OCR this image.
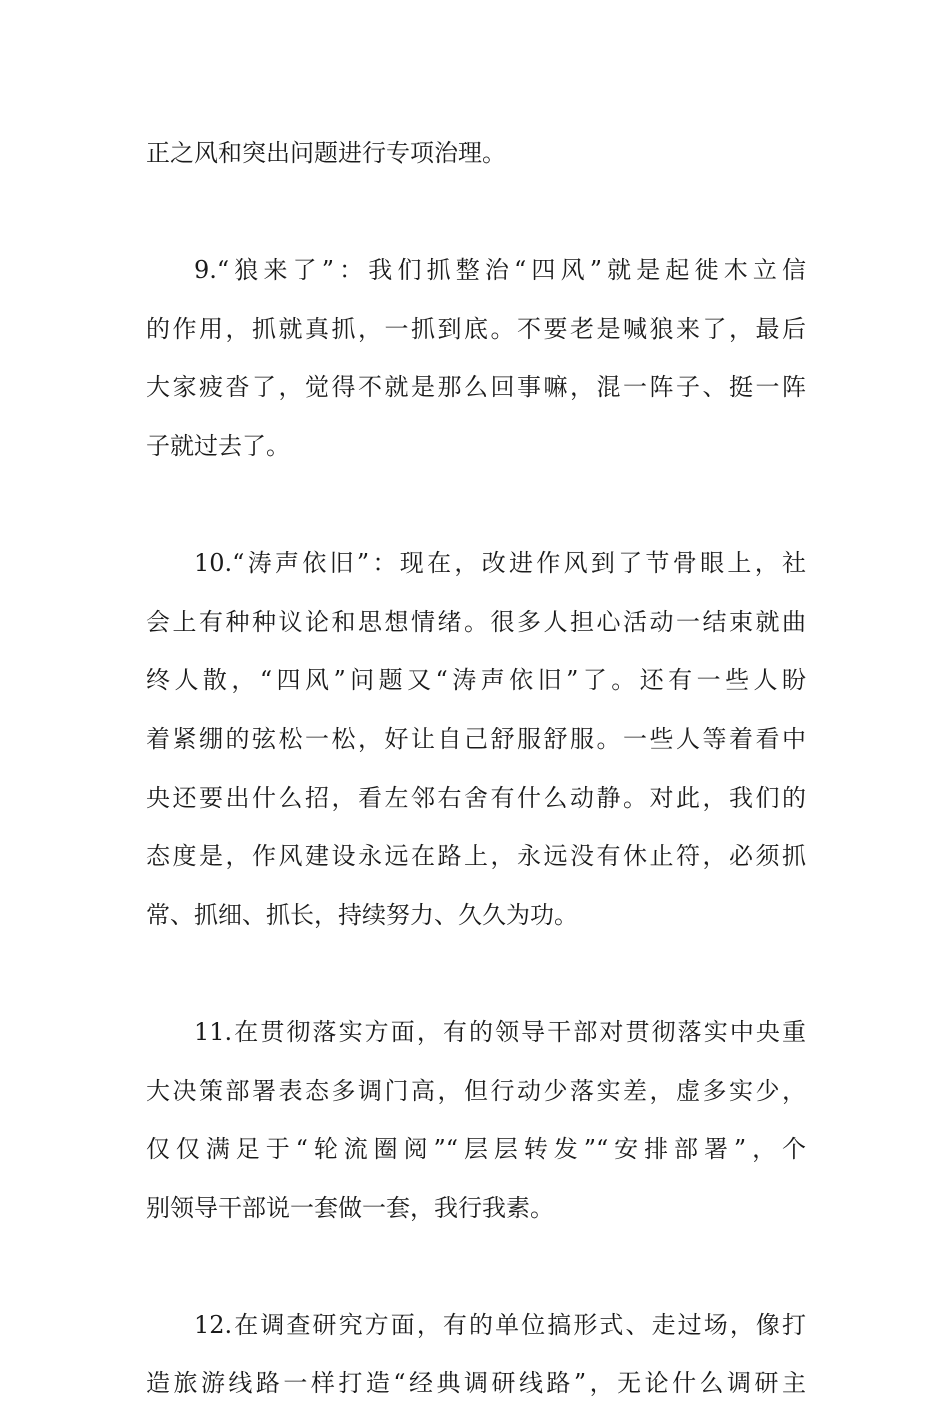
正之风和突出问题进行专项治理。
9.“狼来了”：我们抓整治“四风”就是起徙木立信
的作用，抓就真抓，一抓到底。不要老是喊狼来了，最后
大家疲沓了，觉得不就是那么回事嘛，混一阵子、挺一阵
子就过去了。
10.“涛声依旧”：现在，改进作风到了节骨眼上，社
会上有种种议论和思想情绪。很多人担心活动一结束就曲
终人散，“四风”问题又“涛声依旧”了。还有一些人盼
着紧绷的弦松一松，好让自己舒服舒服。一些人等着看中
央还要出什么招，看左邻右舍有什么动静。对此，我们的
态度是，作风建设永远在路上，永远没有休止符，必须抓
常、抓细、抓长，持续努力、久久为功。
11.在贯彻落实方面，有的领导干部对贯彻落实中央重
大决策部署表态多调门高，但行动少落实差，虚多实少，
仅仅满足于“轮流圈阅”“层层转发”“安排部署”，个
别领导干部说一套做一套，我行我素。
12.在调查研究方面，有的单位搞形式、走过场，像打
造旅游线路一样打造“经典调研线路”，无论什么调研主
